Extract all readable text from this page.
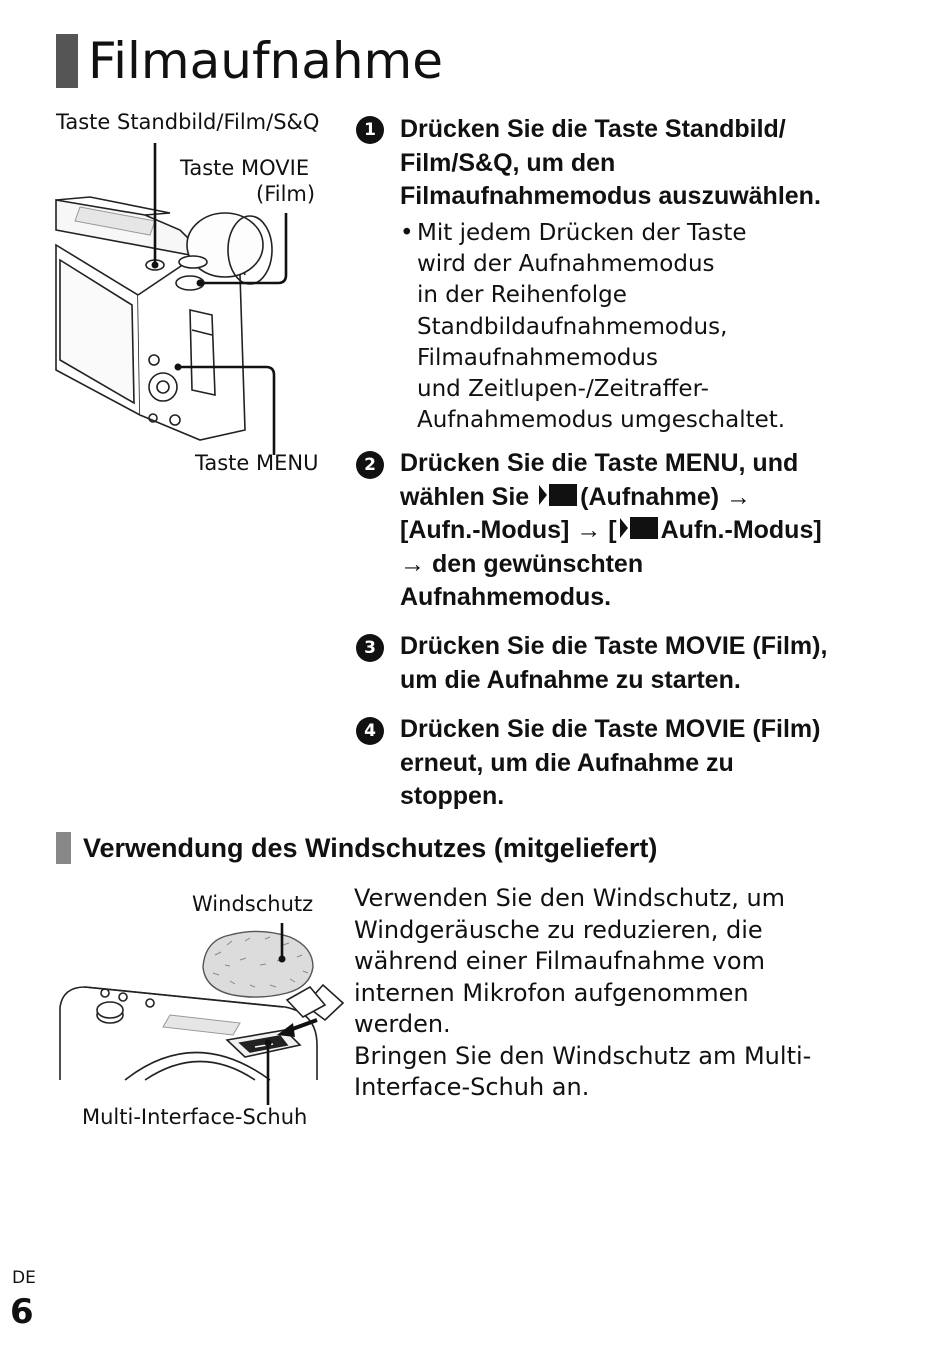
Filmaufnahme
Taste Standbild/Film/S&Q
Taste MOVIE
(Film)
Taste MENU
1 Drücken Sie die Taste Standbild/
Film/S&Q, um den
Filmaufnahmemodus auszuwählen.
• Mit jedem Drücken der Taste
wird der Aufnahmemodus
in der Reihenfolge
Standbildaufnahmemodus,
Filmaufnahmemodus
und Zeitlupen-/Zeitraffer-
Aufnahmemodus umgeschaltet.
2 Drücken Sie die Taste MENU, und
wählen Sie (Aufnahme) →
[Aufn.-Modus] → [ Aufn.-Modus]
→ den gewünschten
Aufnahmemodus.
3 Drücken Sie die Taste MOVIE (Film),
um die Aufnahme zu starten.
4 Drücken Sie die Taste MOVIE (Film)
erneut, um die Aufnahme zu
stoppen.
Verwendung des Windschutzes (mitgeliefert)
Windschutz
Multi-Interface-Schuh
Verwenden Sie den Windschutz, um
Windgeräusche zu reduzieren, die
während einer Filmaufnahme vom
internen Mikrofon aufgenommen
werden.
Bringen Sie den Windschutz am Multi-
Interface-Schuh an.
DE
6
